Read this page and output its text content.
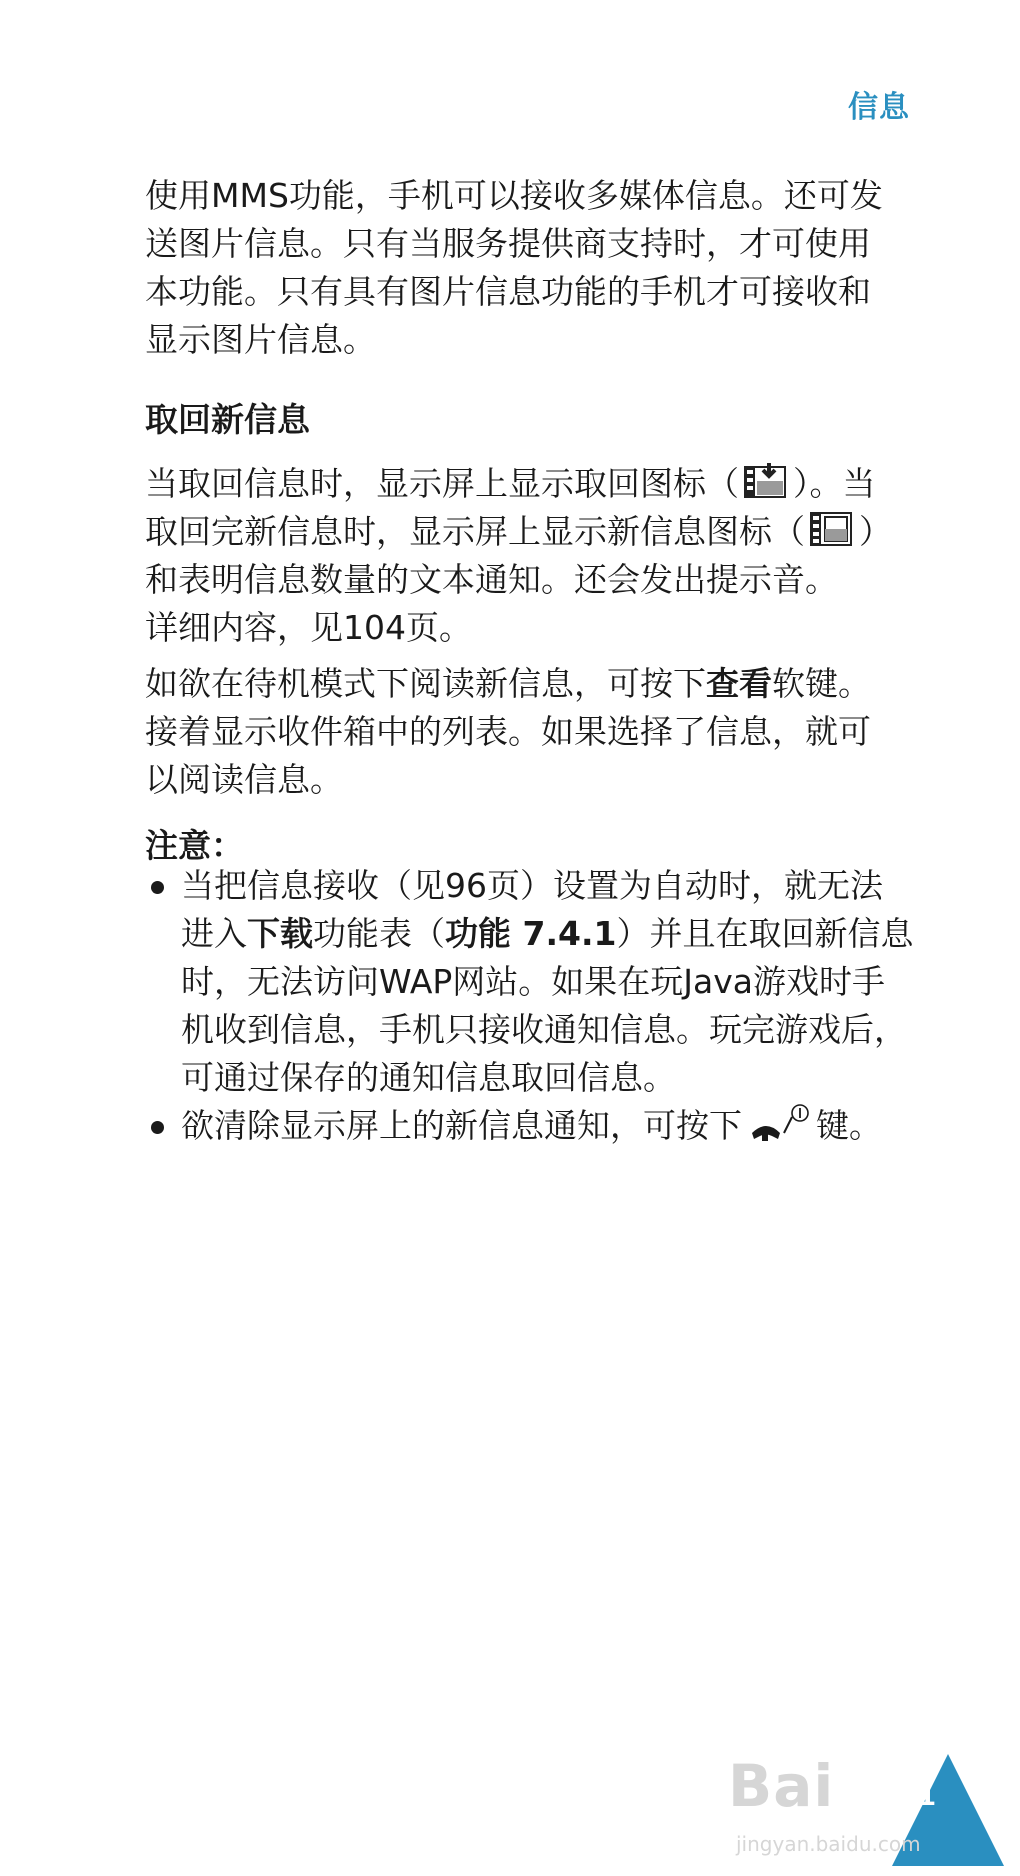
信息
使用MMS功能，手机可以接收多媒体信息。还可发
送图片信息。只有当服务提供商支持时，才可使用
本功能。只有具有图片信息功能的手机才可接收和
显示图片信息。
取回新信息
当取回信息时，显示屏上显示取回图标（ ）。当
取回完新信息时，显示屏上显示新信息图标（ ）
和表明信息数量的文本通知。还会发出提示音。
详细内容，见104页。
如欲在待机模式下阅读新信息，可按下查看软键。
接着显示收件箱中的列表。如果选择了信息，就可
以阅读信息。
注意：
当把信息接收（见96页）设置为自动时，就无法
进入下载功能表（功能 7.4.1）并且在取回新信息
时，无法访问WAP网站。如果在玩Java游戏时手
机收到信息，手机只接收通知信息。玩完游戏后，
可通过保存的通知信息取回信息。
欲清除显示屏上的新信息通知，可按下 键。
Bai	81
jingyan.baidu.com
